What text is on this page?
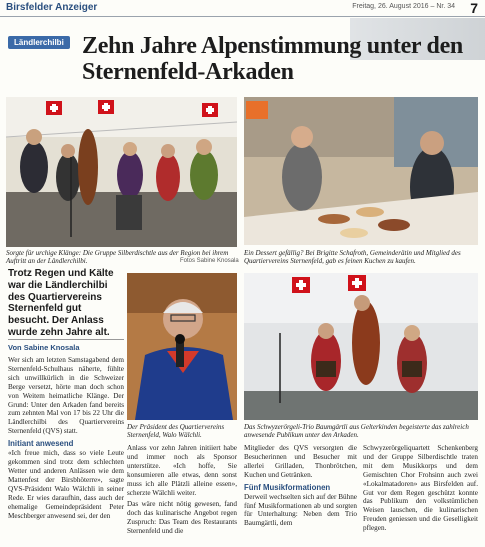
Birsfelder Anzeiger	Freitag, 26. August 2016 – Nr. 34 7
Ländlerchilbi Zehn Jahre Alpenstimmung unter den Sternenfeld-Arkaden
Sorgte für urchige Klänge: Die Gruppe Silberdischtle aus der Region bei ihrem Auftritt an der Ländlerchilbi.	Fotos Sabine Knosala
Ein Dessert gefällig? Bei Brigitte Schafroth, Gemeinderätin und Mitglied des Quartiervereins Sternenfeld, gab es feinen Kuchen zu kaufen.
Trotz Regen und Kälte war die Ländlerchilbi des Quartiervereins Sternenfeld gut besucht. Der Anlass wurde zehn Jahre alt.
Von Sabine Knosala
Der Präsident des Quartiervereins Sternenfeld, Walo Wälchli.
Das Schwyzerörgeli-Trio Baumgärtli aus Gelterkinden begeisterte das zahlreich anwesende Publikum unter den Arkaden.
Wer sich am letzten Samstagabend dem Sternenfeld-Schulhaus näherte, fühlte sich unwillkürlich in die Schweizer Berge versetzt, hörte man doch schon von Weitem heimatliche Klänge. Der Grund: Unter den Arkaden fand bereits zum zehnten Mal von 17 bis 22 Uhr die Ländlerchilbi des Quartiervereins Sternenfeld (QVS) statt.
Initiant anwesend
«Ich freue mich, dass so viele Leute gekommen sind trotz dem schlechten Wetter und anderen Anlässen wie dem Mattenfest der Birsbhöterre», sagte QVS-Präsident Walo Wälchli in seiner Rede. Er wies daraufhin, dass auch der ehemalige Gemeindepräsident Peter Meschberger anwesend sei, der den
Anlass vor zehn Jahren initiiert habe und immer noch als Sponsor unterstütze. «Ich hoffe, Sie konsumieren alle etwas, denn sonst muss ich alle Plätzli alleine essen», scherzte Wälchli weiter.
Das wäre nicht nötig gewesen, fand doch das kulinarische Angebot regen Zuspruch: Das Team des Restaurants Sternenfeld und die
Mitglieder des QVS versorgten die Besucherinnen und Besucher mit allerlei Grilladen, Thonbrötchen, Kuchen und Getränken.
Fünf Musikformationen
Derweil wechselten sich auf der Bühne fünf Musikformationen ab und sorgten für Unterhaltung: Neben dem Trio Baumgärtli, dem
Schwyzerörgeliquartett Schenkenberg und der Gruppe Silberdischtle traten mit dem Musikkorps und dem Gemischten Chor Frohsinn auch zwei «Lokalmatadoren» aus Birsfelden auf. Gut vor dem Regen geschützt konnte das Publikum den volkstümlichen Weisen lauschen, die kulinarischen Freuden geniessen und die Geselligkeit pflegen.
